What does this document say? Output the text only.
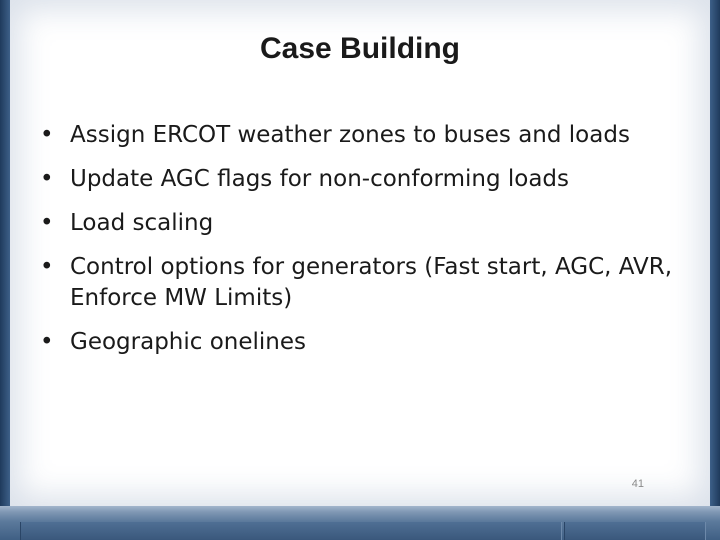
Case Building
• Assign ERCOT weather zones to buses and loads
• Update AGC flags for non-conforming loads
• Load scaling
• Control options for generators (Fast start, AGC, AVR, Enforce MW Limits)
• Geographic onelines
41
